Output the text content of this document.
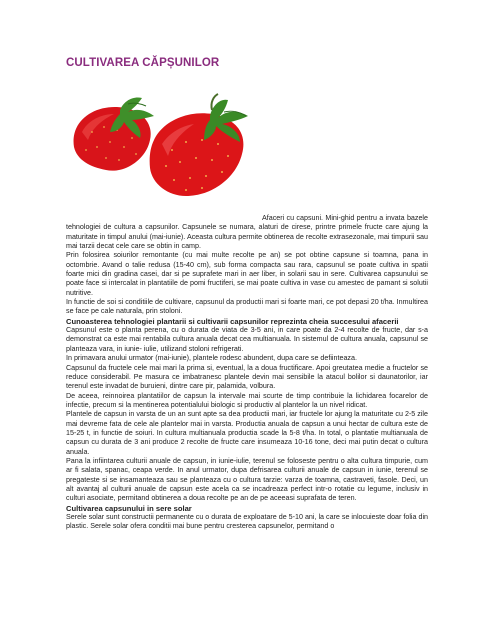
CULTIVAREA CĂPȘUNILOR

Afaceri cu capsuni. Mini-ghid pentru a invata bazele tehnologiei de cultura a capsunilor. Capsunele se numara, alaturi de cirese, printre primele fructe care ajung la maturitate in timpul anului (mai-iunie). Aceasta cultura permite obtinerea de recolte extrasezonale, mai timpurii sau mai tarzii decat cele care se obtin in camp.

Prin folosirea soiurilor remontante (cu mai multe recolte pe an) se pot obtine capsune si toamna, pana in octombrie. Avand o talie redusa (15-40 cm), sub forma compacta sau rara, capsunul se poate cultiva in spatii foarte mici din gradina casei, dar si pe suprafete mari in aer liber, in solarii sau in sere. Cultivarea capsunului se poate face si intercalat in plantatiile de pomi fructiferi, se mai poate cultiva in vase cu amestec de pamant si solutii nutritive.

In functie de soi si conditiile de cultivare, capsunul da productii mari si foarte mari, ce pot depasi 20 t/ha. Inmultirea se face pe cale naturala, prin stoloni.

Cunoasterea tehnologiei plantarii si cultivarii capsunilor reprezinta cheia succesului afacerii

Capsunul este o planta perena, cu o durata de viata de 3-5 ani, in care poate da 2-4 recolte de fructe, dar s-a demonstrat ca este mai rentabila cultura anuala decat cea multianuala. In sistemul de cultura anuala, capsunul se planteaza vara, in iunie- iulie, utilizand stoloni refrigerati.

In primavara anului urmator (mai-iunie), plantele rodesc abundent, dupa care se defiinteaza.

Capsunul da fructele cele mai mari la prima si, eventual, la a doua fructificare. Apoi greutatea medie a fructelor se reduce considerabil. Pe masura ce imbatranesc plantele devin mai sensibile la atacul bolilor si daunatorilor, iar terenul este invadat de buruieni, dintre care pir, palamida, volbura.

De aceea, reinnoirea plantatiilor de capsun la intervale mai scurte de timp contribuie la lichidarea focarelor de infectie, precum si la mentinerea potentialului biologic si productiv al plantelor la un nivel ridicat.

Plantele de capsun in varsta de un an sunt apte sa dea productii mari, iar fructele lor ajung la maturitate cu 2-5 zile mai devreme fata de cele ale plantelor mai in varsta. Productia anuala de capsun a unui hectar de cultura este de 15-25 t, in functie de soiuri. In cultura multianuala productia scade la 5-8 t/ha. In total, o plantatie multianuala de capsun cu durata de 3 ani produce 2 recolte de fructe care insumeaza 10-16 tone, deci mai putin decat o cultura anuala.

Pana la infiintarea culturii anuale de capsun, in iunie-iulie, terenul se foloseste pentru o alta cultura timpurie, cum ar fi salata, spanac, ceapa verde. In anul urmator, dupa defrisarea culturii anuale de capsun in iunie, terenul se pregateste si se insamanteaza sau se planteaza cu o cultura tarzie: varza de toamna, castraveti, fasole. Deci, un alt avantaj al culturii anuale de capsun este acela ca se incadreaza perfect intr-o rotatie cu legume, inclusiv in culturi asociate, permitand obtinerea a doua recolte pe an de pe aceeasi suprafata de teren.

Cultivarea capsunului in sere solar

Serele solar sunt constructii permanente cu o durata de exploatare de 5-10 ani, la care se inlocuieste doar folia din plastic. Serele solar ofera conditii mai bune pentru cresterea capsunelor, permitand o
